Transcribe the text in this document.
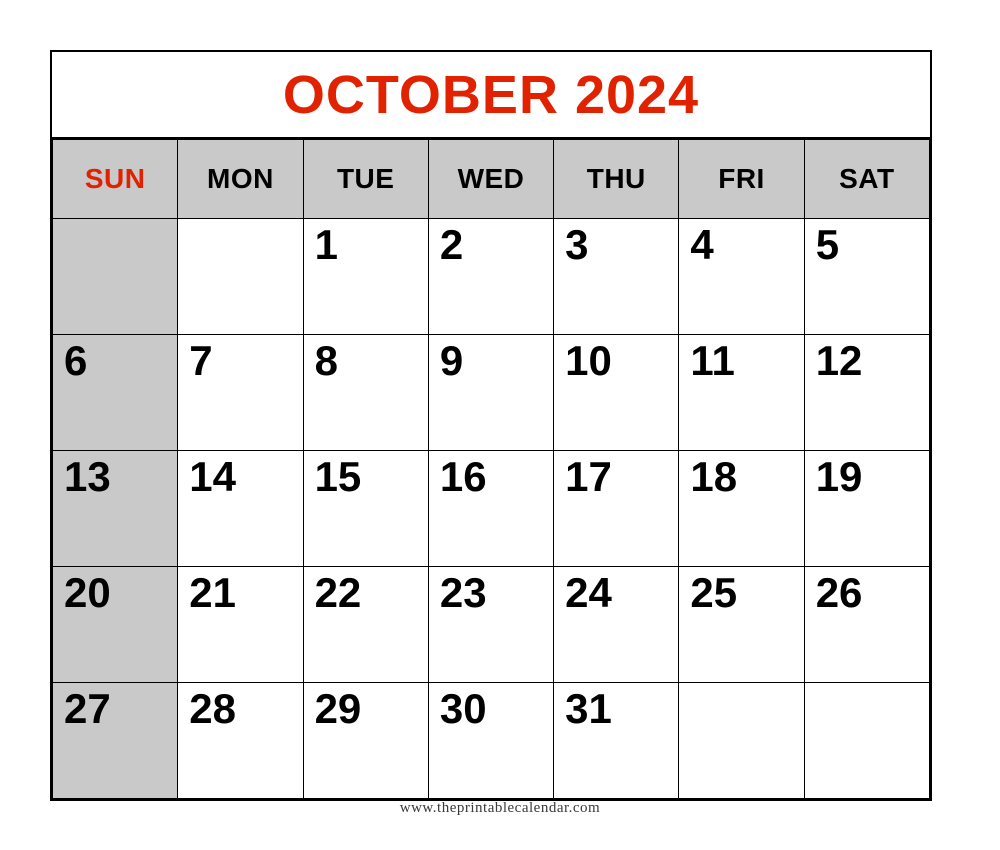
OCTOBER 2024
SUN	MON	TUE	WED	THU	FRI	SAT

		1	2	3	4	5

6	7	8	9	10	11	12

13	14	15	16	17	18	19

20	21	22	23	24	25	26

27	28	29	30	31		

www.theprintablecalendar.com
